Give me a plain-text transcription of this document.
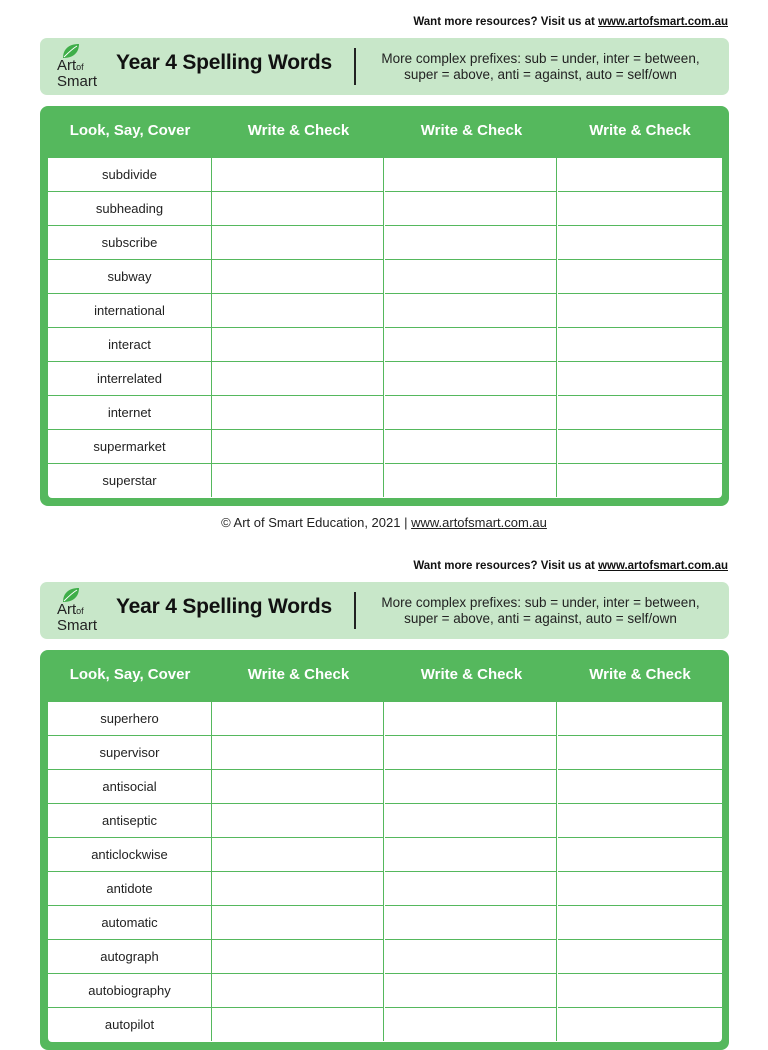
Want more resources? Visit us at www.artofsmart.com.au
Artof
Smart
Year 4 Spelling Words	More complex prefixes: sub = under, inter = between,
super = above, anti = against, auto = self/own
Look, Say, Cover	Write & Check	Write & Check	Write & Check
subdivide
subheading
subscribe
subway
international
interact
interrelated
internet
supermarket
superstar
© Art of Smart Education, 2021 | www.artofsmart.com.au
Want more resources? Visit us at www.artofsmart.com.au
Artof
Smart
Year 4 Spelling Words	More complex prefixes: sub = under, inter = between,
super = above, anti = against, auto = self/own
Look, Say, Cover	Write & Check	Write & Check	Write & Check
superhero
supervisor
antisocial
antiseptic
anticlockwise
antidote
automatic
autograph
autobiography
autopilot
